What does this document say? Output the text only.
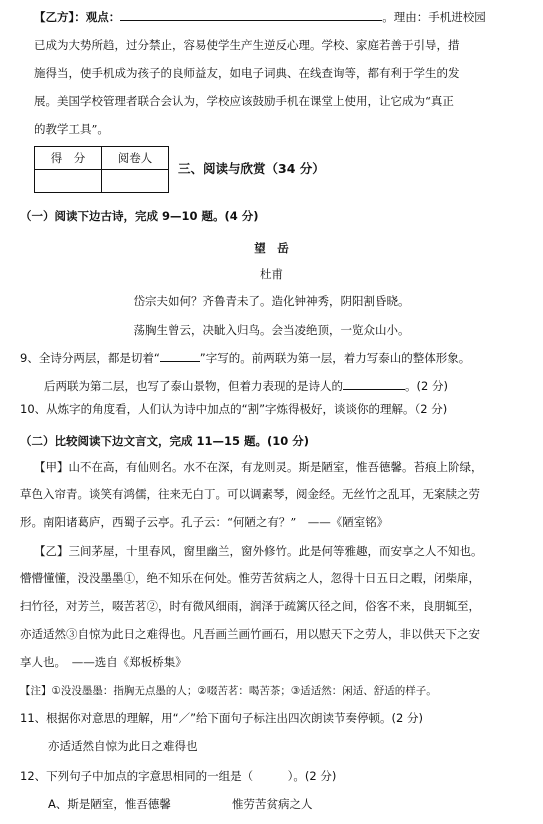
【乙方】：观点：	。理由：手机进校园
已成为大势所趋，过分禁止，容易使学生产生逆反心理。学校、家庭若善于引导，措
施得当，使手机成为孩子的良师益友，如电子词典、在线查询等，都有利于学生的发
展。美国学校管理者联合会认为，学校应该鼓励手机在课堂上使用，让它成为“真正
的教学工具”。
得　分	阅卷人

三、阅读与欣赏（34 分）
（一）阅读下边古诗，完成 9—10 题。(4 分)
望　岳
杜甫
岱宗夫如何？齐鲁青未了。造化钟神秀，阴阳割昏晓。
荡胸生曾云，决眦入归鸟。会当凌绝顶，一览众山小。
9、全诗分两层，都是切着“	”字写的。前两联为第一层，着力写泰山的整体形象。
后两联为第二层，也写了泰山景物，但着力表现的是诗人的	。(2 分)
10、从炼字的角度看，人们认为诗中加点的“割”字炼得极好，谈谈你的理解。（2 分)
（二）比较阅读下边文言文，完成 11—15 题。(10 分)
【甲】山不在高，有仙则名。水不在深，有龙则灵。斯是陋室，惟吾德馨。苔痕上阶绿，
草色入帘青。谈笑有鸿儒，往来无白丁。可以调素琴，阅金经。无丝竹之乱耳，无案牍之劳
形。南阳诸葛庐，西蜀子云亭。孔子云：“何陋之有？”　——《陋室铭》
【乙】三间茅屋，十里春风，窗里幽兰，窗外修竹。此是何等雅趣，而安享之人不知也。
懵懵懂懂，没没墨墨①，绝不知乐在何处。惟劳苦贫病之人，忽得十日五日之暇，闭柴扉，
扫竹径，对芳兰，啜苦茗②，时有微风细雨，润泽于疏篱仄径之间，俗客不来，良朋辄至，
亦适适然③自惊为此日之难得也。凡吾画兰画竹画石，用以慰天下之劳人，非以供天下之安
享人也。　——选自《郑板桥集》
【注】①没没墨墨：指胸无点墨的人；②啜苦茗：喝苦茶；③适适然：闲适、舒适的样子。
11、根据你对意思的理解，用“／”给下面句子标注出四次朗读节奏停顿。(2 分)
亦适适然自惊为此日之难得也
12、下列句子中加点的字意思相同的一组是（　　　）。(2 分)
A、斯是陋室，惟吾德馨	惟劳苦贫病之人
